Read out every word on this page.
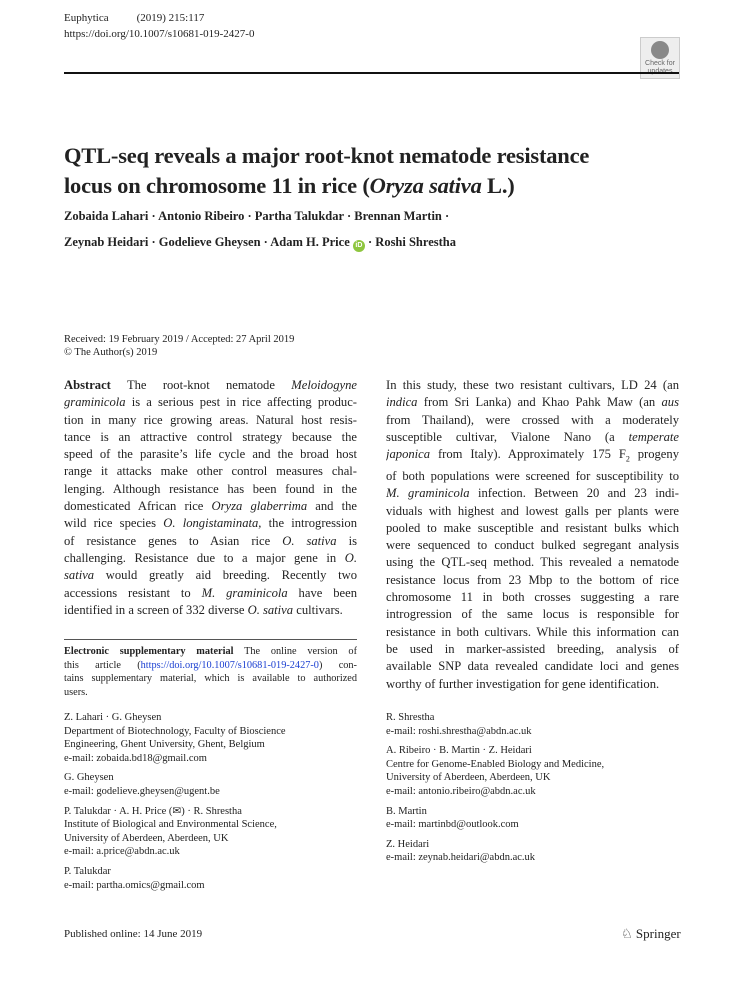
Euphytica	(2019) 215:117
https://doi.org/10.1007/s10681-019-2427-0
Check for
QTL-seq reveals a major root-knot nematode resistance
locus on chromosome 11 in rice (Oryza sativa L.)
Zobaida Lahari · Antonio Ribeiro · Partha Talukdar · Brennan Martin ·
Zeynab Heidari · Godelieve Gheysen · Adam H. Price iD · Roshi Shrestha
Received: 19 February 2019 / Accepted: 27 April 2019
© The Author(s) 2019
Abstract The root-knot nematode Meloidogyne
graminicola is a serious pest in rice affecting produc-
tion in many rice growing areas. Natural host resis-
tance is an attractive control strategy because the
speed of the parasite’s life cycle and the broad host
range it attacks make other control measures chal-
lenging. Although resistance has been found in the
domesticated African rice Oryza glaberrima and the
wild rice species O. longistaminata, the introgression
of resistance genes to Asian rice O. sativa is
challenging. Resistance due to a major gene in O.
sativa would greatly aid breeding. Recently two
accessions resistant to M. graminicola have been
identified in a screen of 332 diverse O. sativa cultivars.
In this study, these two resistant cultivars, LD 24 (an
indica from Sri Lanka) and Khao Pahk Maw (an aus
from Thailand), were crossed with a moderately
susceptible cultivar, Vialone Nano (a temperate
japonica from Italy). Approximately 175 $F_2$ progeny
of both populations were screened for susceptibility to
M. graminicola infection. Between 20 and 23 indi-
viduals with highest and lowest galls per plants were
pooled to make susceptible and resistant bulks which
were sequenced to conduct bulked segregant analysis
using the QTL-seq method. This revealed a nematode
resistance locus from 23 Mbp to the bottom of rice
chromosome 11 in both crosses suggesting a rare
introgression of the same locus is responsible for
resistance in both cultivars. While this information can
be used in marker-assisted breeding, analysis of
available SNP data revealed candidate loci and genes
worthy of further investigation for gene identification.
Electronic supplementary material The online version of
this article (https://doi.org/10.1007/s10681-019-2427-0) con-
tains supplementary material, which is available to authorized
users.
Z. Lahari · G. Gheysen
Department of Biotechnology, Faculty of Bioscience
Engineering, Ghent University, Ghent, Belgium
e-mail: zobaida.bd18@gmail.com
G. Gheysen
e-mail: godelieve.gheysen@ugent.be
P. Talukdar · A. H. Price (✉) · R. Shrestha
Institute of Biological and Environmental Science,
University of Aberdeen, Aberdeen, UK
e-mail: a.price@abdn.ac.uk
P. Talukdar
e-mail: partha.omics@gmail.com
R. Shrestha
e-mail: roshi.shrestha@abdn.ac.uk
A. Ribeiro · B. Martin · Z. Heidari
Centre for Genome-Enabled Biology and Medicine,
University of Aberdeen, Aberdeen, UK
e-mail: antonio.ribeiro@abdn.ac.uk
B. Martin
e-mail: martinbd@outlook.com
Z. Heidari
e-mail: zeynab.heidari@abdn.ac.uk
Published online: 14 June 2019	♘ Springer
